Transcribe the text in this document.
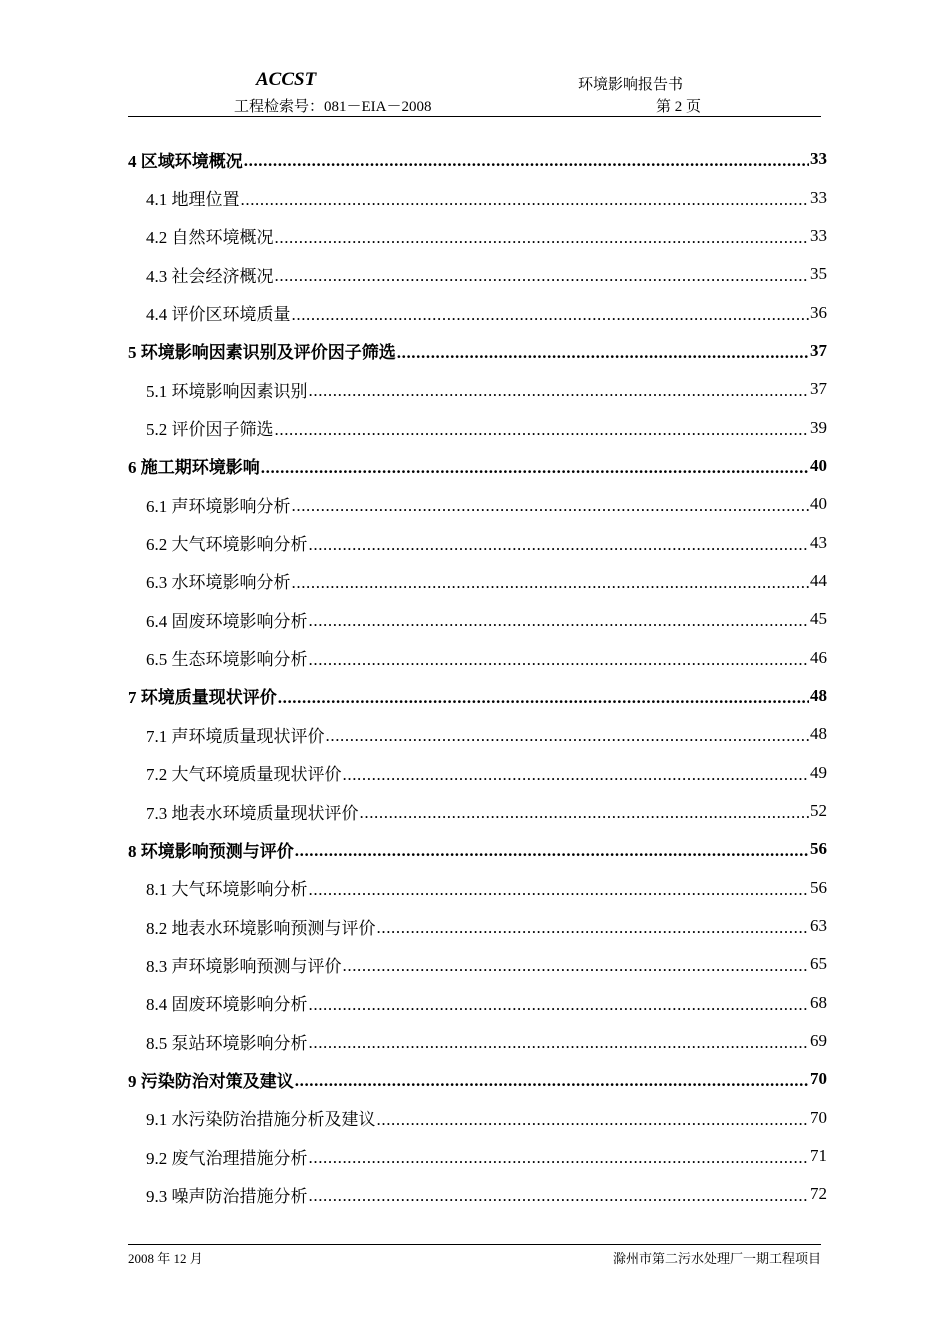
ACCST	环境影响报告书
工程检索号：081－EIA－2008	第 2 页
4 区域环境概况 .....	33
4.1 地理位置 .....	33
4.2 自然环境概况 .....	33
4.3 社会经济概况 .....	35
4.4 评价区环境质量 .....	36
5 环境影响因素识别及评价因子筛选 .....	37
5.1 环境影响因素识别 .....	37
5.2 评价因子筛选 .....	39
6 施工期环境影响 .....	40
6.1 声环境影响分析 .....	40
6.2 大气环境影响分析 .....	43
6.3 水环境影响分析 .....	44
6.4 固废环境影响分析 .....	45
6.5 生态环境影响分析 .....	46
7 环境质量现状评价 .....	48
7.1 声环境质量现状评价 .....	48
7.2 大气环境质量现状评价 .....	49
7.3 地表水环境质量现状评价 .....	52
8 环境影响预测与评价 .....	56
8.1 大气环境影响分析 .....	56
8.2 地表水环境影响预测与评价 .....	63
8.3 声环境影响预测与评价 .....	65
8.4 固废环境影响分析 .....	68
8.5 泵站环境影响分析 .....	69
9 污染防治对策及建议 .....	70
9.1 水污染防治措施分析及建议 .....	70
9.2 废气治理措施分析 .....	71
9.3 噪声防治措施分析 .....	72
2008 年 12 月	滁州市第二污水处理厂一期工程项目
